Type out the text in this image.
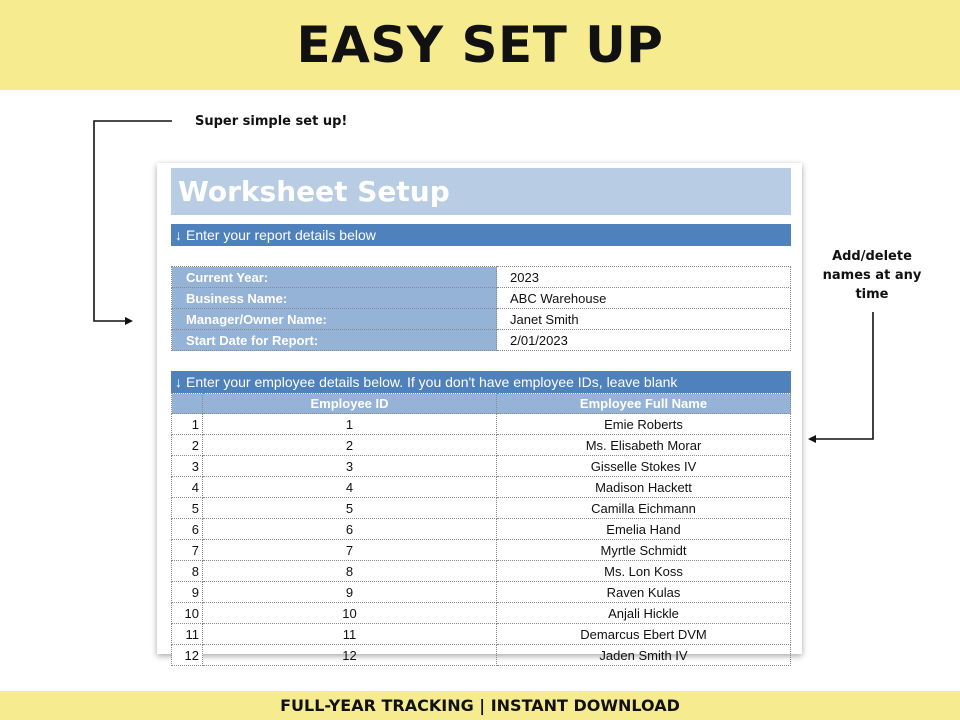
EASY SET UP
Super simple set up!
Add/delete
names at any
time
Worksheet Setup
↓ Enter your report details below
Current Year:	2023
Business Name:	ABC Warehouse
Manager/Owner Name:	Janet Smith
Start Date for Report:	2/01/2023
↓ Enter your employee details below. If you don't have employee IDs, leave blank
	Employee ID	Employee Full Name
1	1	Emie Roberts
2	2	Ms. Elisabeth Morar
3	3	Gisselle Stokes IV
4	4	Madison Hackett
5	5	Camilla Eichmann
6	6	Emelia Hand
7	7	Myrtle Schmidt
8	8	Ms. Lon Koss
9	9	Raven Kulas
10	10	Anjali Hickle
11	11	Demarcus Ebert DVM
12	12	Jaden Smith IV
FULL-YEAR TRACKING | INSTANT DOWNLOAD
